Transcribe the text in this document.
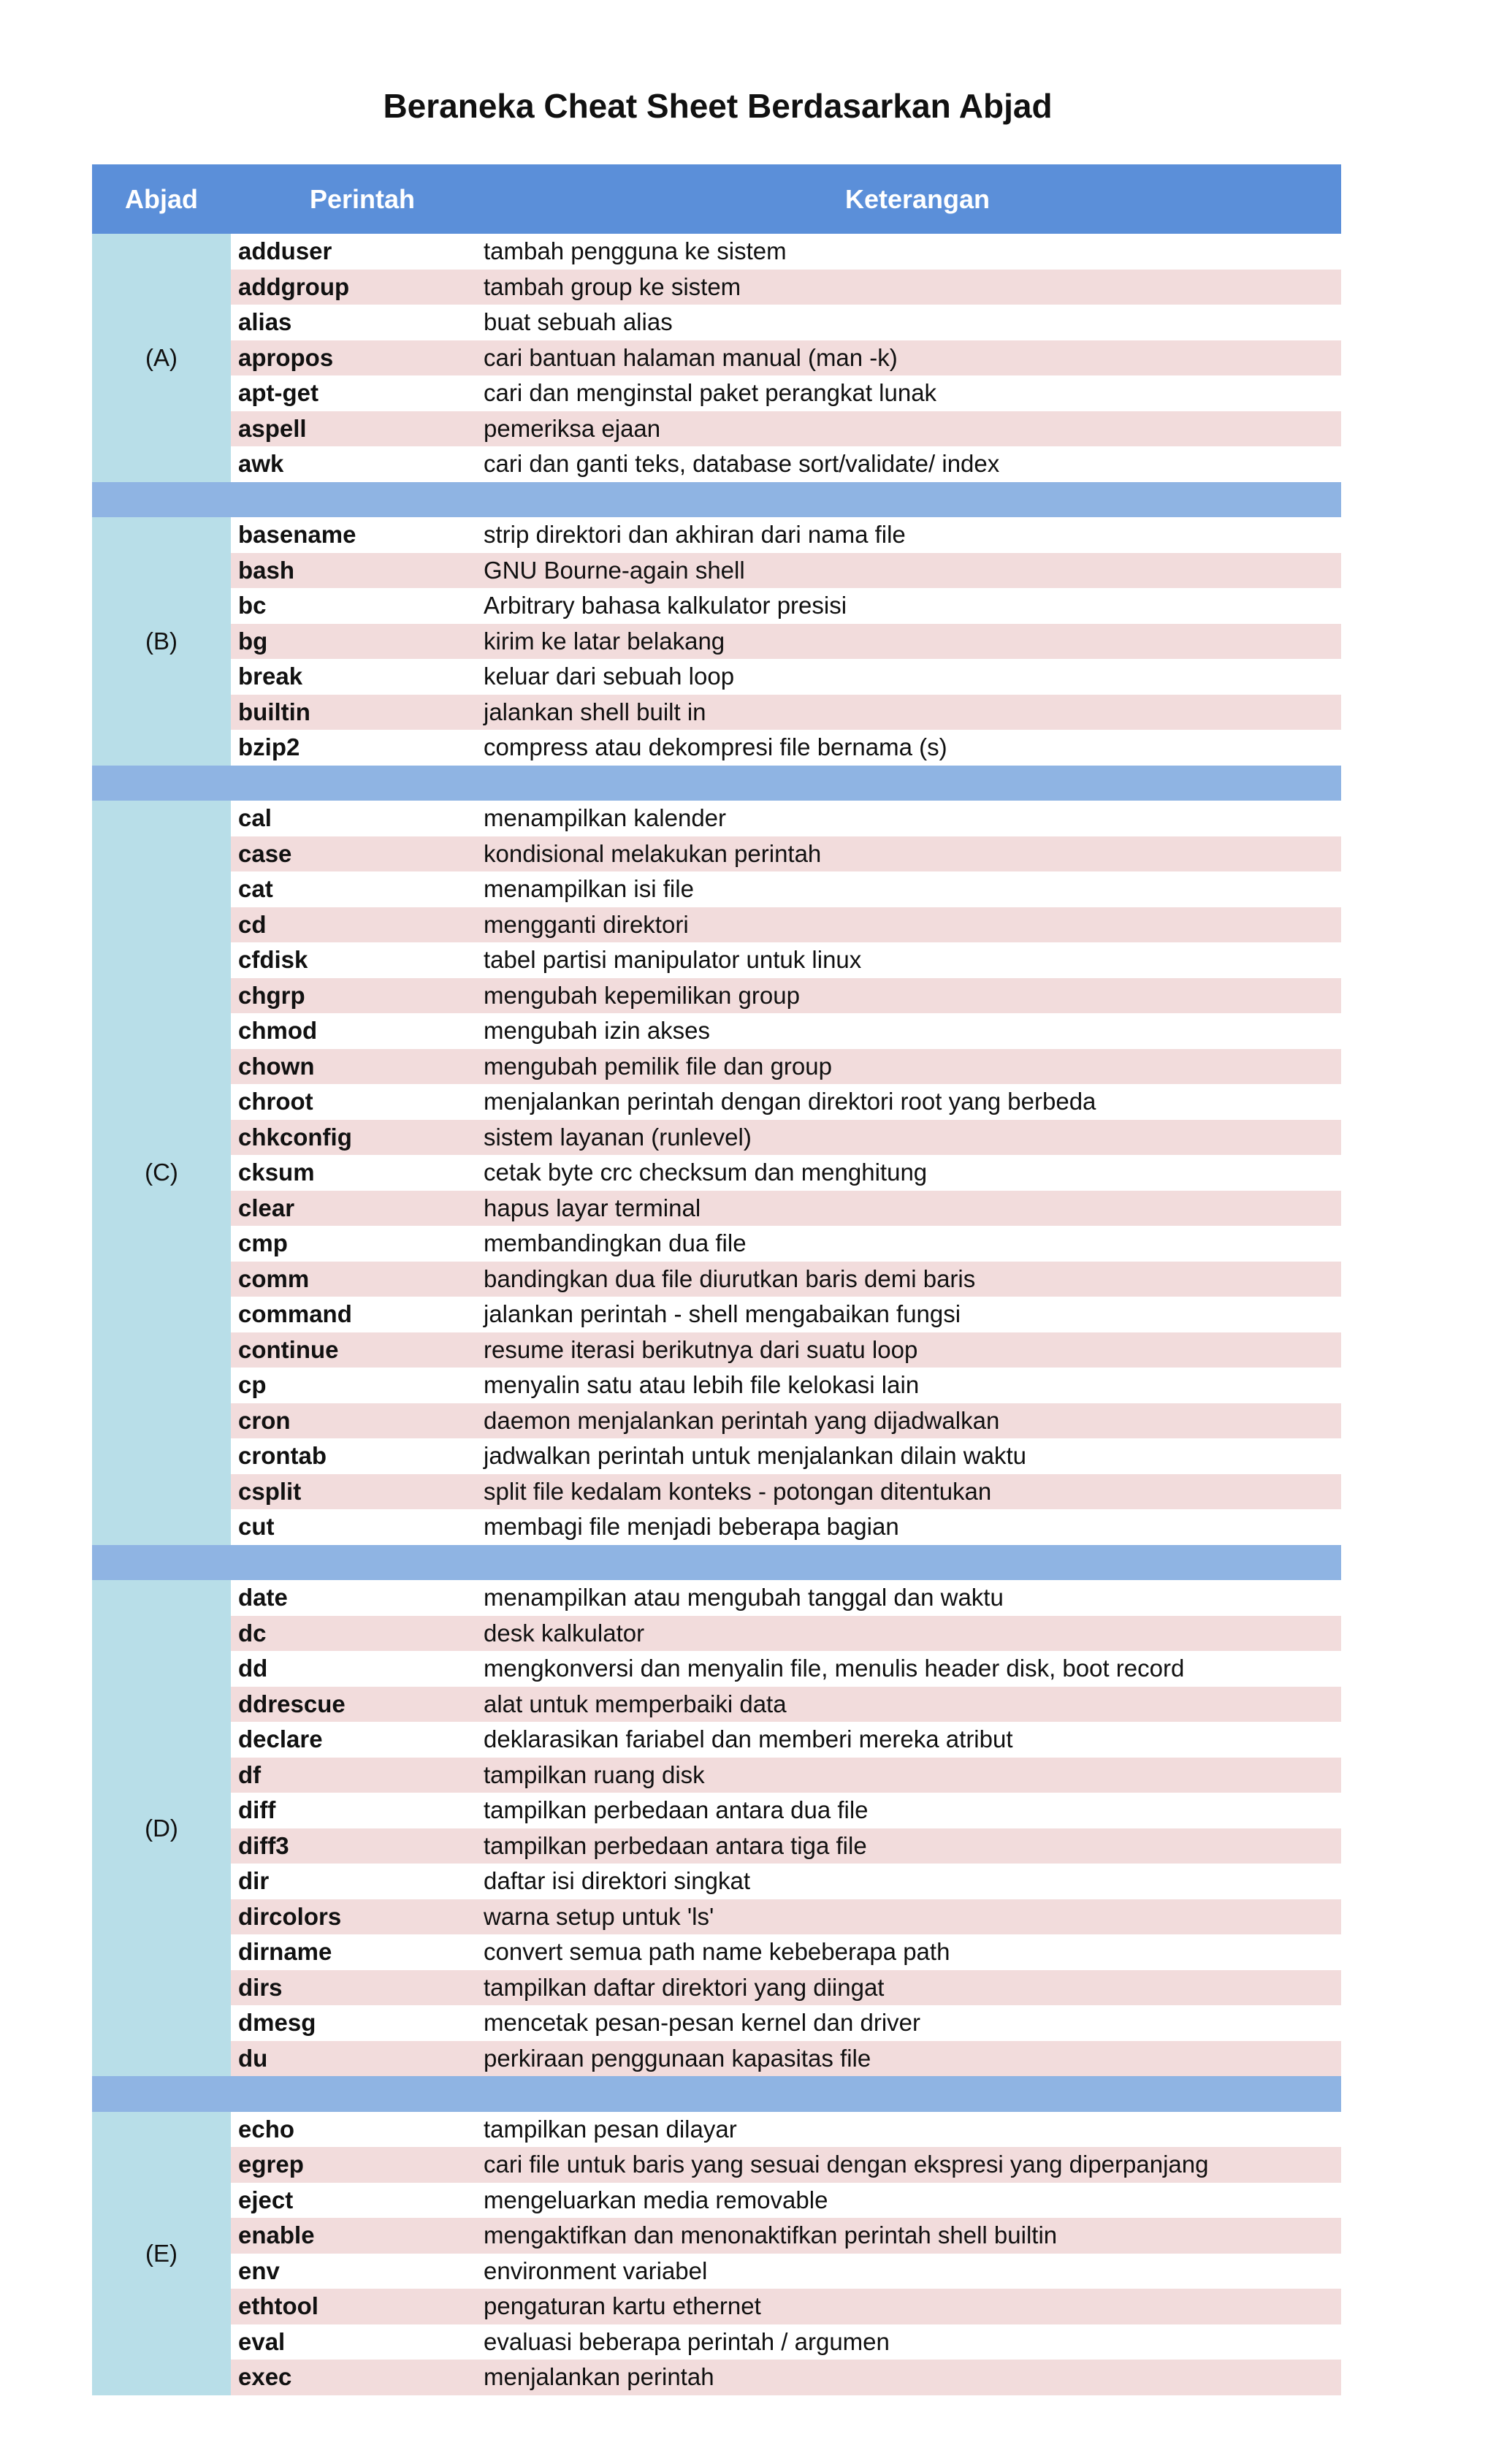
Beraneka Cheat Sheet Berdasarkan Abjad
Abjad	Perintah	Keterangan
(A)
adduser	tambah pengguna ke sistem
addgroup	tambah group ke sistem
alias	buat sebuah alias
apropos	cari bantuan halaman manual (man -k)
apt-get	cari dan menginstal paket perangkat lunak
aspell	pemeriksa ejaan
awk	cari dan ganti teks, database sort/validate/ index
(B)
basename	strip direktori dan akhiran dari nama file
bash	GNU Bourne-again shell
bc	Arbitrary bahasa kalkulator presisi
bg	kirim ke latar belakang
break	keluar dari sebuah loop
builtin	jalankan shell built in
bzip2	compress atau dekompresi file bernama (s)
(C)
cal	menampilkan kalender
case	kondisional melakukan perintah
cat	menampilkan isi file
cd	mengganti direktori
cfdisk	tabel partisi manipulator untuk linux
chgrp	mengubah kepemilikan group
chmod	mengubah izin akses
chown	mengubah pemilik file dan group
chroot	menjalankan perintah dengan direktori root yang berbeda
chkconfig	sistem layanan (runlevel)
cksum	cetak byte crc checksum dan menghitung
clear	hapus layar terminal
cmp	membandingkan dua file
comm	bandingkan dua file diurutkan baris demi baris
command	jalankan perintah - shell mengabaikan fungsi
continue	resume iterasi berikutnya dari suatu loop
cp	menyalin satu atau lebih file kelokasi lain
cron	daemon menjalankan perintah yang dijadwalkan
crontab	jadwalkan perintah untuk menjalankan dilain waktu
csplit	split file kedalam konteks - potongan ditentukan
cut	membagi file menjadi beberapa bagian
(D)
date	menampilkan atau mengubah tanggal dan waktu
dc	desk kalkulator
dd	mengkonversi dan menyalin file, menulis header disk, boot record
ddrescue	alat untuk memperbaiki data
declare	deklarasikan fariabel dan memberi mereka atribut
df	tampilkan ruang disk
diff	tampilkan perbedaan antara dua file
diff3	tampilkan perbedaan antara tiga file
dir	daftar isi direktori singkat
dircolors	warna setup untuk 'ls'
dirname	convert semua path name kebeberapa path
dirs	tampilkan daftar direktori yang diingat
dmesg	mencetak pesan-pesan kernel dan driver
du	perkiraan penggunaan kapasitas file
(E)
echo	tampilkan pesan dilayar
egrep	cari file untuk baris yang sesuai dengan ekspresi yang diperpanjang
eject	mengeluarkan media removable
enable	mengaktifkan dan menonaktifkan perintah shell builtin
env	environment variabel
ethtool	pengaturan kartu ethernet
eval	evaluasi beberapa perintah / argumen
exec	menjalankan perintah
